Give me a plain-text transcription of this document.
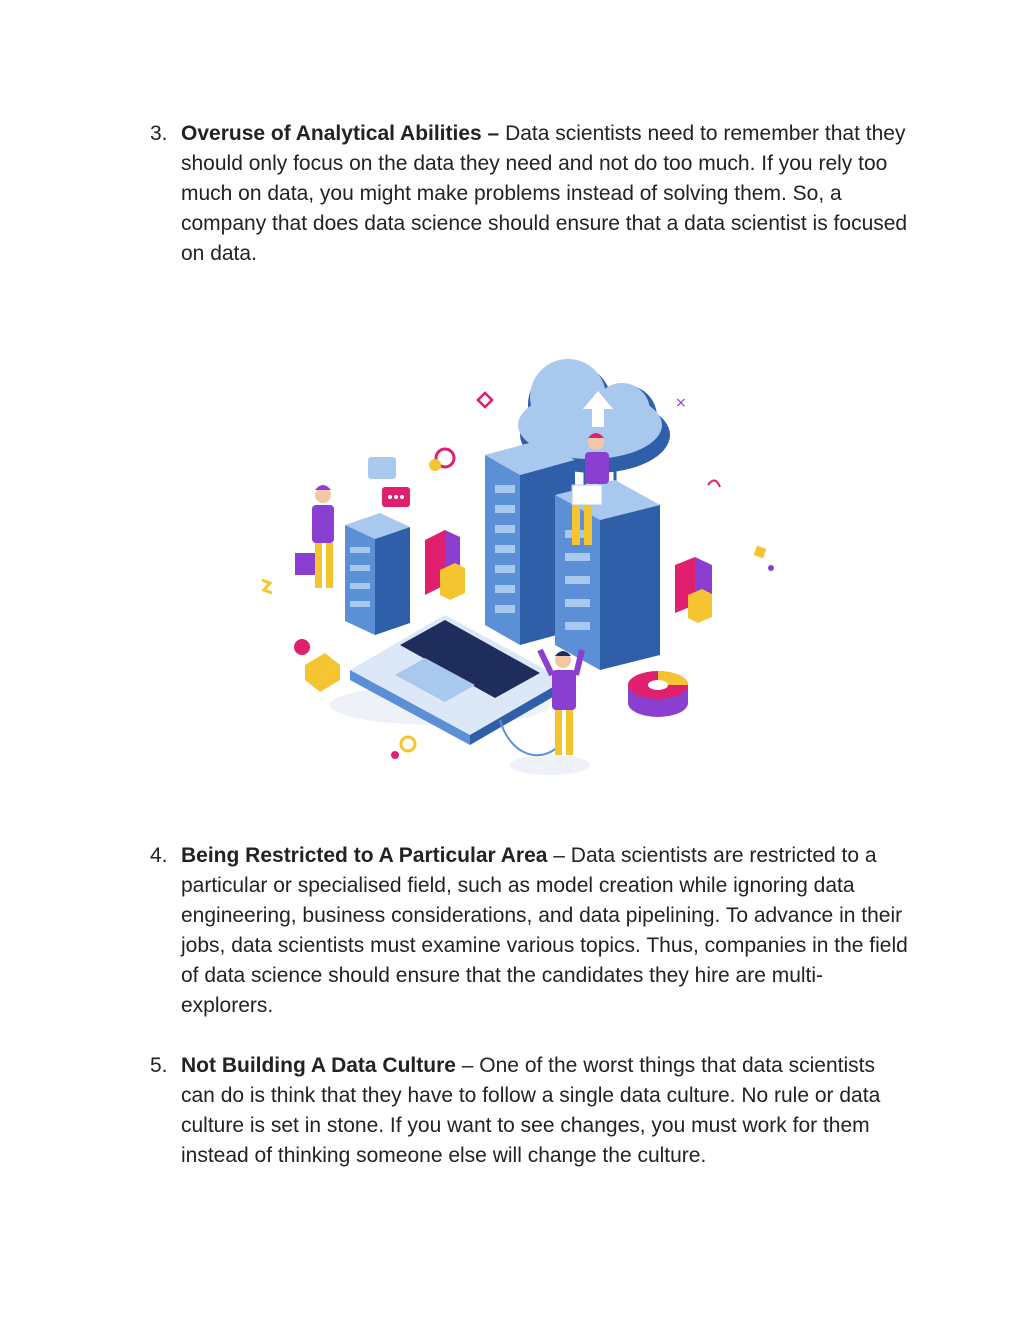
3. Overuse of Analytical Abilities – Data scientists need to remember that they should only focus on the data they need and not do too much. If you rely too much on data, you might make problems instead of solving them. So, a company that does data science should ensure that a data scientist is focused on data.
×
4. Being Restricted to A Particular Area – Data scientists are restricted to a particular or specialised field, such as model creation while ignoring data engineering, business considerations, and data pipelining. To advance in their jobs, data scientists must examine various topics. Thus, companies in the field of data science should ensure that the candidates they hire are multi-explorers.
5. Not Building A Data Culture – One of the worst things that data scientists can do is think that they have to follow a single data culture. No rule or data culture is set in stone. If you want to see changes, you must work for them instead of thinking someone else will change the culture.
